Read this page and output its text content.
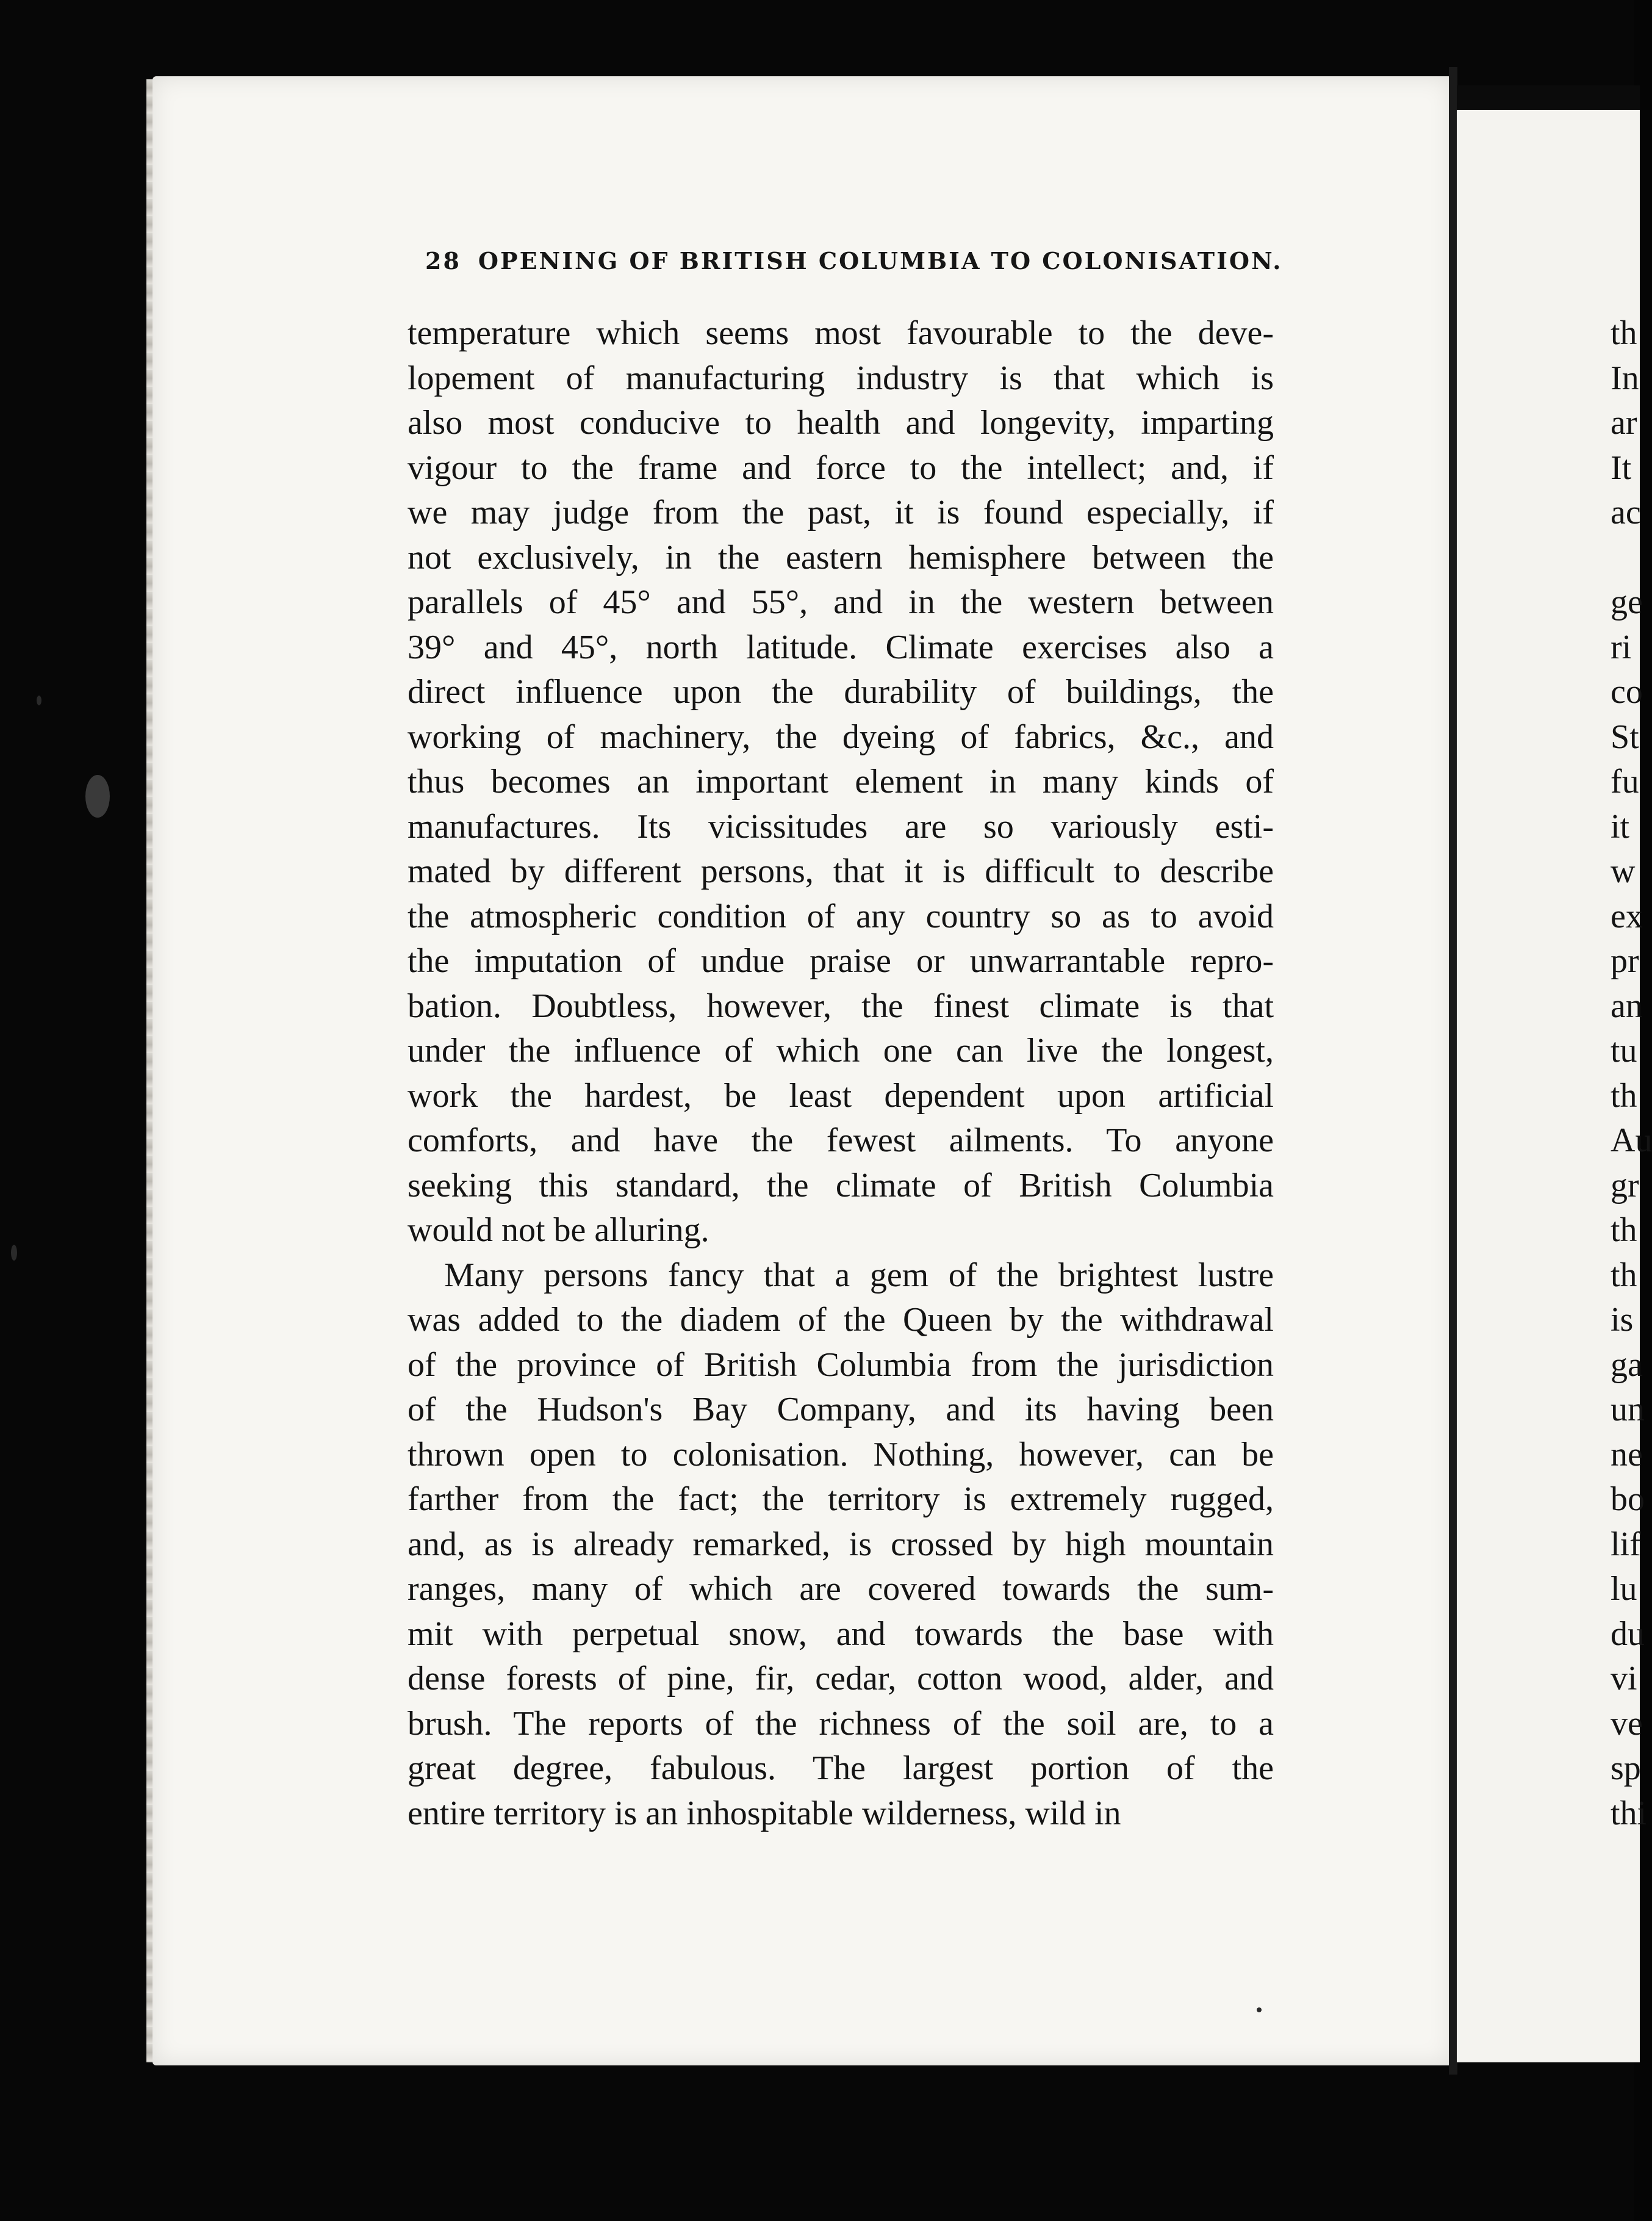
28 OPENING OF BRITISH COLUMBIA TO COLONISATION.
temperature which seems most favourable to the deve-
lopement of manufacturing industry is that which is
also most conducive to health and longevity, imparting
vigour to the frame and force to the intellect; and, if
we may judge from the past, it is found especially, if
not exclusively, in the eastern hemisphere between the
parallels of 45° and 55°, and in the western between
39° and 45°, north latitude. Climate exercises also a
direct influence upon the durability of buildings, the
working of machinery, the dyeing of fabrics, &c., and
thus becomes an important element in many kinds of
manufactures. Its vicissitudes are so variously esti-
mated by different persons, that it is difficult to describe
the atmospheric condition of any country so as to avoid
the imputation of undue praise or unwarrantable repro-
bation. Doubtless, however, the finest climate is that
under the influence of which one can live the longest,
work the hardest, be least dependent upon artificial
comforts, and have the fewest ailments. To anyone
seeking this standard, the climate of British Columbia
would not be alluring.
Many persons fancy that a gem of the brightest lustre
was added to the diadem of the Queen by the withdrawal
of the province of British Columbia from the jurisdiction
of the Hudson's Bay Company, and its having been
thrown open to colonisation. Nothing, however, can be
farther from the fact; the territory is extremely rugged,
and, as is already remarked, is crossed by high mountain
ranges, many of which are covered towards the sum-
mit with perpetual snow, and towards the base with
dense forests of pine, fir, cedar, cotton wood, alder, and
brush. The reports of the richness of the soil are, to a
great degree, fabulous. The largest portion of the
entire territory is an inhospitable wilderness, wild in
th
In
ar
It
ac

ge
ri
co
St
fu
it
w
ex
pr
an
tu
th
Au
gr
th
th
is
ga
un
ne
bo
lif
lu
du
vi
ve
sp
thi
